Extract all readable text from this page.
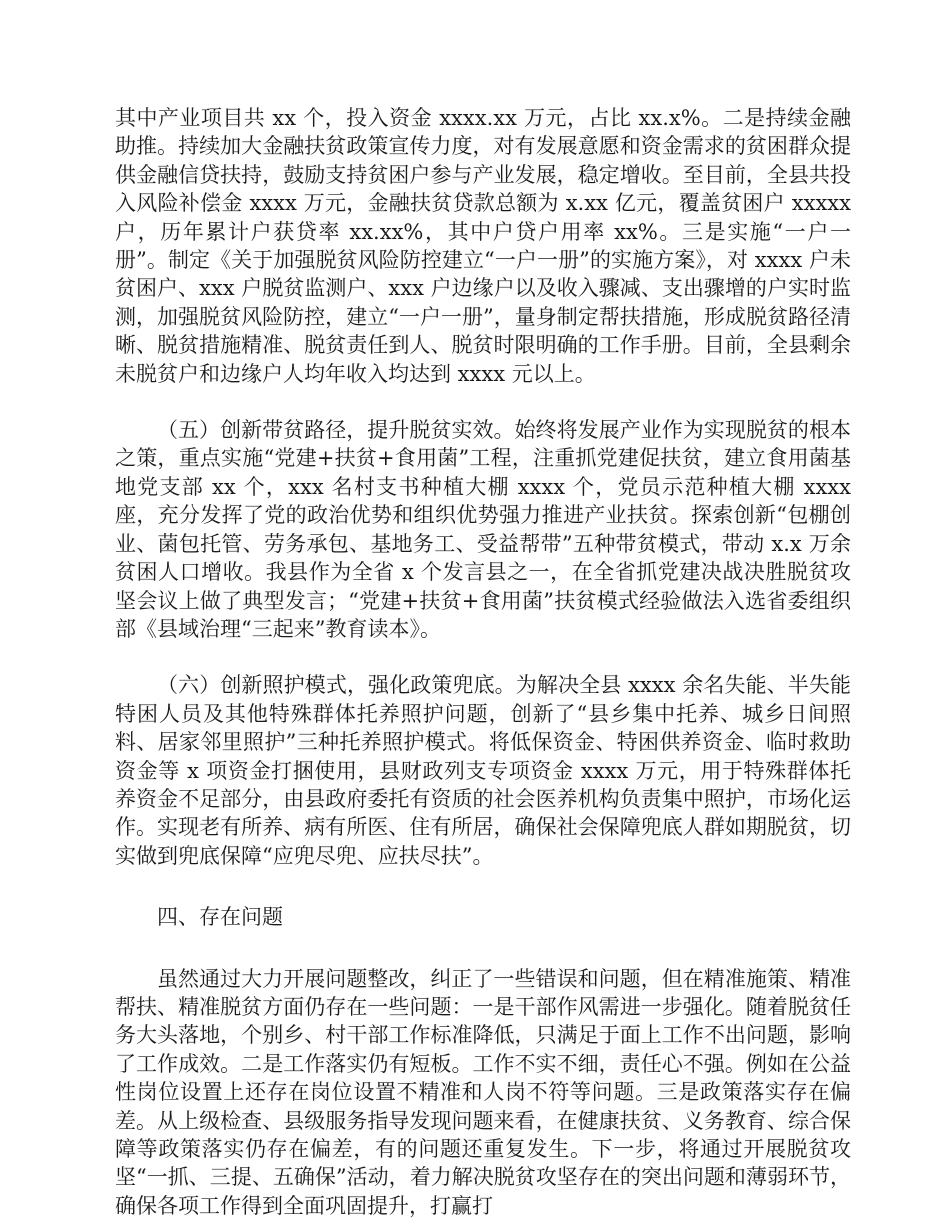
其中产业项目共 xx 个，投入资金 xxxx.xx 万元，占比 xx.x%。二是持续金融助推。持续加大金融扶贫政策宣传力度，对有发展意愿和资金需求的贫困群众提供金融信贷扶持，鼓励支持贫困户参与产业发展，稳定增收。至目前，全县共投入风险补偿金 xxxx 万元，金融扶贫贷款总额为 x.xx 亿元，覆盖贫困户 xxxxx 户，历年累计户获贷率 xx.xx%，其中户贷户用率 xx%。三是实施“一户一册”。制定《关于加强脱贫风险防控建立“一户一册”的实施方案》，对 xxxx 户未贫困户、xxx 户脱贫监测户、xxx 户边缘户以及收入骤减、支出骤增的户实时监测，加强脱贫风险防控，建立“一户一册”，量身制定帮扶措施，形成脱贫路径清晰、脱贫措施精准、脱贫责任到人、脱贫时限明确的工作手册。目前，全县剩余未脱贫户和边缘户人均年收入均达到 xxxx 元以上。

（五）创新带贫路径，提升脱贫实效。始终将发展产业作为实现脱贫的根本之策，重点实施“党建+扶贫+食用菌”工程，注重抓党建促扶贫，建立食用菌基地党支部 xx 个，xxx 名村支书种植大棚 xxxx 个，党员示范种植大棚 xxxx 座，充分发挥了党的政治优势和组织优势强力推进产业扶贫。探索创新“包棚创业、菌包托管、劳务承包、基地务工、受益帮带”五种带贫模式，带动 x.x 万余贫困人口增收。我县作为全省 x 个发言县之一，在全省抓党建决战决胜脱贫攻坚会议上做了典型发言；“党建+扶贫+食用菌”扶贫模式经验做法入选省委组织部《县域治理“三起来”教育读本》。

（六）创新照护模式，强化政策兜底。为解决全县 xxxx 余名失能、半失能特困人员及其他特殊群体托养照护问题，创新了“县乡集中托养、城乡日间照料、居家邻里照护”三种托养照护模式。将低保资金、特困供养资金、临时救助资金等 x 项资金打捆使用，县财政列支专项资金 xxxx 万元，用于特殊群体托养资金不足部分，由县政府委托有资质的社会医养机构负责集中照护，市场化运作。实现老有所养、病有所医、住有所居，确保社会保障兜底人群如期脱贫，切实做到兜底保障“应兜尽兜、应扶尽扶”。

四、存在问题

虽然通过大力开展问题整改，纠正了一些错误和问题，但在精准施策、精准帮扶、精准脱贫方面仍存在一些问题：一是干部作风需进一步强化。随着脱贫任务大头落地，个别乡、村干部工作标准降低，只满足于面上工作不出问题，影响了工作成效。二是工作落实仍有短板。工作不实不细，责任心不强。例如在公益性岗位设置上还存在岗位设置不精准和人岗不符等问题。三是政策落实存在偏差。从上级检查、县级服务指导发现问题来看，在健康扶贫、义务教育、综合保障等政策落实仍存在偏差，有的问题还重复发生。下一步，将通过开展脱贫攻坚“一抓、三提、五确保”活动，着力解决脱贫攻坚存在的突出问题和薄弱环节，确保各项工作得到全面巩固提升，打赢打
